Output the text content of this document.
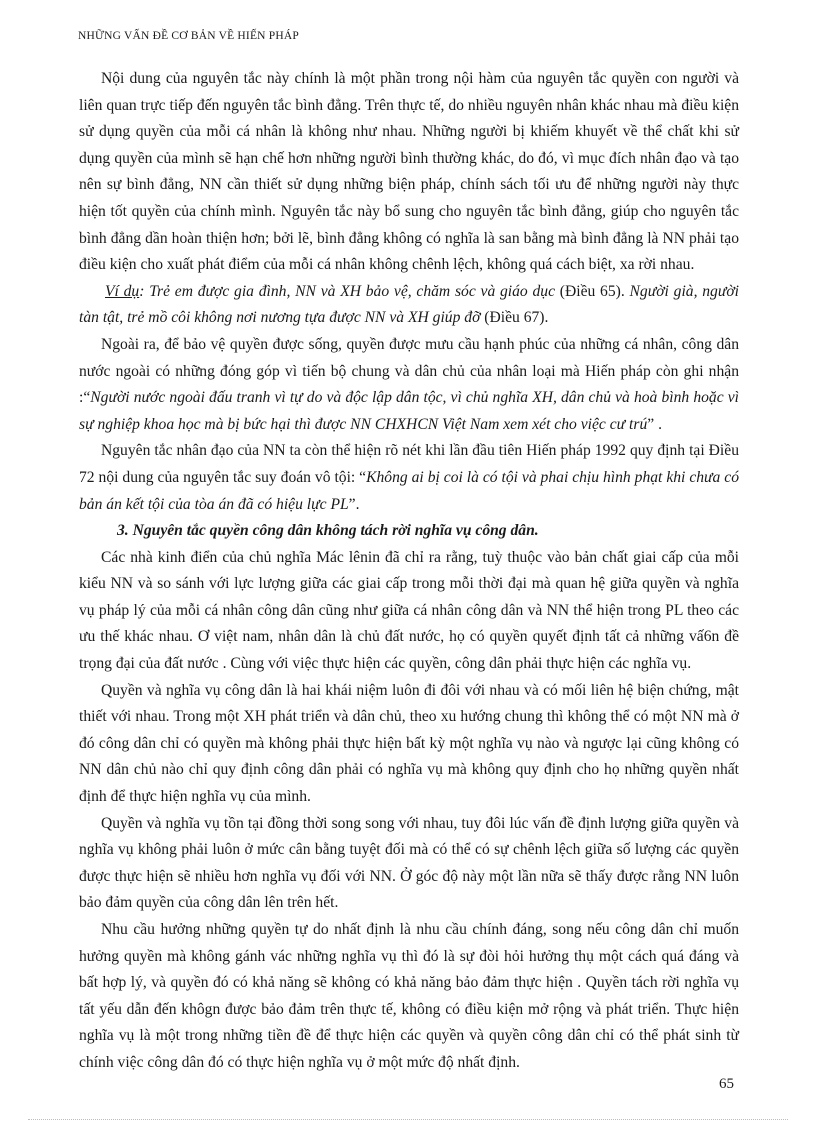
NHỮNG VẤN ĐỀ CƠ BẢN VỀ HIẾN PHÁP

Nội dung của nguyên tắc này chính là một phần trong nội hàm của nguyên tắc quyền con người và liên quan trực tiếp đến nguyên tắc bình đẳng. Trên thực tế, do nhiều nguyên nhân khác nhau mà điều kiện sử dụng quyền của mỗi cá nhân là không như nhau. Những người bị khiếm khuyết về thể chất khi sử dụng quyền của mình sẽ hạn chế hơn những người bình thường khác, do đó, vì mục đích nhân đạo và tạo nên sự bình đẳng, NN cần thiết sử dụng những biện pháp, chính sách tối ưu để những người này thực hiện tốt quyền của chính mình. Nguyên tắc này bổ sung cho nguyên tắc bình đẳng, giúp cho nguyên tắc bình đẳng dần hoàn thiện hơn; bởi lẽ, bình đẳng không có nghĩa là san bằng mà bình đẳng là NN phải tạo điều kiện cho xuất phát điểm của mỗi cá nhân không chênh lệch, không quá cách biệt, xa rời nhau.

Ví dụ: Trẻ em được gia đình, NN và XH bảo vệ, chăm sóc và giáo dục (Điều 65). Người già, người tàn tật, trẻ mồ côi không nơi nương tựa được NN và XH giúp đỡ (Điều 67).

Ngoài ra, để bảo vệ quyền được sống, quyền được mưu cầu hạnh phúc của những cá nhân, công dân nước ngoài có những đóng góp vì tiến bộ chung và dân chủ của nhân loại mà Hiến pháp còn ghi nhận :“Người nước ngoài đấu tranh vì tự do và độc lập dân tộc, vì chủ nghĩa XH, dân chủ và hoà bình hoặc vì sự nghiệp khoa học mà bị bức hại thì được NN CHXHCN Việt Nam xem xét cho việc cư trú” .

Nguyên tắc nhân đạo của NN ta còn thể hiện rõ nét khi lần đầu tiên Hiến pháp 1992 quy định tại Điều 72 nội dung của nguyên tắc suy đoán vô tội: “Không ai bị coi là có tội và phai chịu hình phạt khi chưa có bản án kết tội của tòa án đã có hiệu lực PL”.

3. Nguyên tắc quyền công dân không tách rời nghĩa vụ công dân.

Các nhà kinh điển của chủ nghĩa Mác lênin đã chỉ ra rằng, tuỳ thuộc vào bản chất giai cấp của mỗi kiểu NN và so sánh với lực lượng giữa các giai cấp trong mỗi thời đại mà quan hệ giữa quyền và nghĩa vụ pháp lý của mỗi cá nhân công dân cũng như giữa cá nhân công dân và NN thể hiện trong PL theo các ưu thế khác nhau. Ơ việt nam, nhân dân là chủ đất nước, họ có quyền quyết định tất cả những vấ6n đề trọng đại của đất nước . Cùng với việc thực hiện các quyền, công dân phải thực hiện các nghĩa vụ.

Quyền và nghĩa vụ công dân là hai khái niệm luôn đi đôi với nhau và có mối liên hệ biện chứng, mật thiết với nhau. Trong một XH phát triển và dân chủ, theo xu hướng chung thì không thể có một NN mà ở đó công dân chỉ có quyền mà không phải thực hiện bất kỳ một nghĩa vụ nào và ngược lại cũng không có NN dân chủ nào chỉ quy định công dân phải có nghĩa vụ mà không quy định cho họ những quyền nhất định để thực hiện nghĩa vụ của mình.

Quyền và nghĩa vụ tồn tại đồng thời song song với nhau, tuy đôi lúc vấn đề định lượng giữa quyền và nghĩa vụ không phải luôn ở mức cân bằng tuyệt đối mà có thể có sự chênh lệch giữa số lượng các quyền được thực hiện sẽ nhiều hơn nghĩa vụ đối với NN. Ở góc độ này một lần nữa sẽ thấy được rằng NN luôn bảo đảm quyền của công dân lên trên hết.

Nhu cầu hưởng những quyền tự do nhất định là nhu cầu chính đáng, song nếu công dân chỉ muốn hưởng quyền mà không gánh vác những nghĩa vụ thì đó là sự đòi hỏi hưởng thụ một cách quá đáng và bất hợp lý, và quyền đó có khả năng sẽ không có khả năng bảo đảm thực hiện . Quyền tách rời nghĩa vụ tất yếu dẫn đến khôgn được bảo đảm trên thực tế, không có điều kiện mở rộng và phát triển. Thực hiện nghĩa vụ là một trong những tiền đề để thực hiện các quyền và quyền công dân chỉ có thể phát sinh từ chính việc công dân đó có thực hiện nghĩa vụ ở một mức độ nhất định.

65
